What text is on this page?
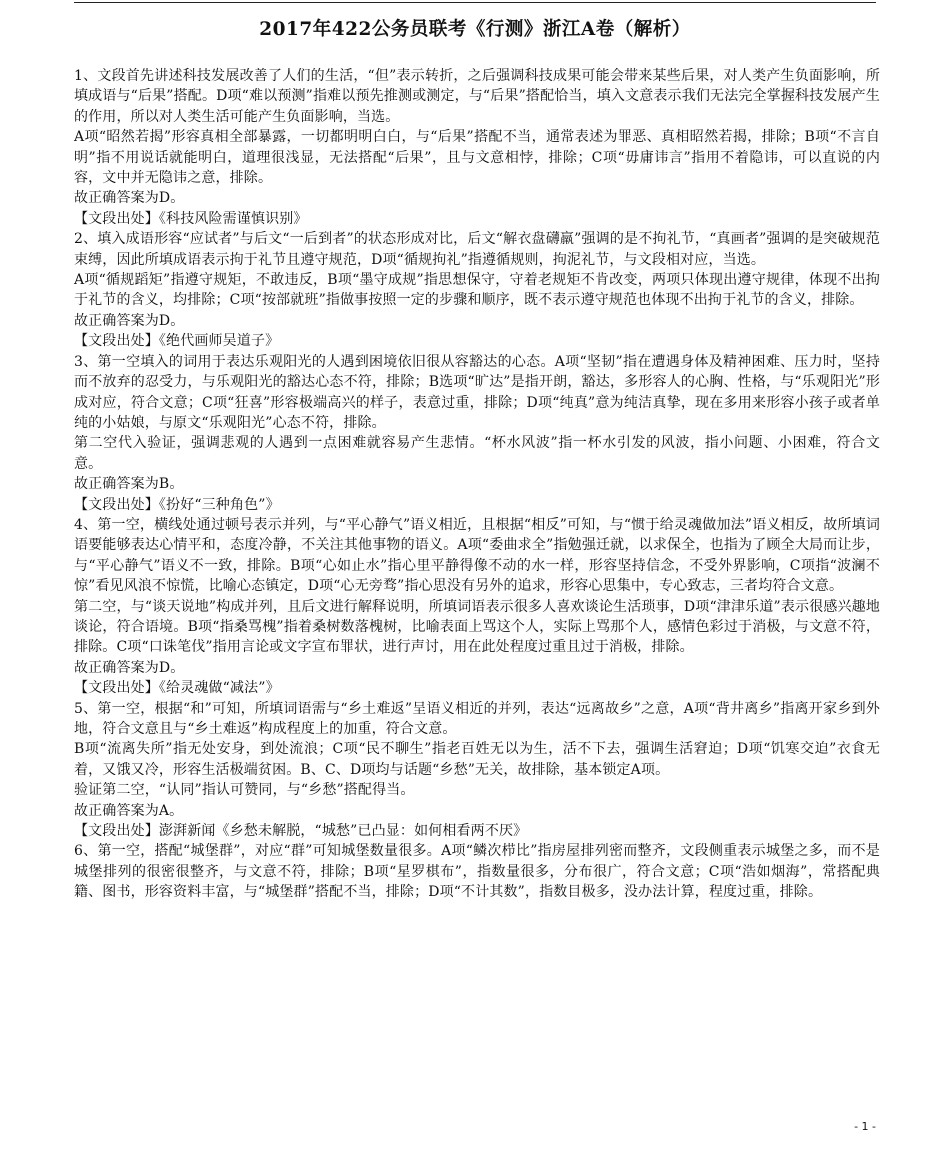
2017年422公务员联考《行测》浙江A卷（解析）

1、文段首先讲述科技发展改善了人们的生活，“但”表示转折，之后强调科技成果可能会带来某些后果，对人类产生负面影响，所填成语与“后果”搭配。D项“难以预测”指难以预先推测或测定，与“后果”搭配恰当，填入文意表示我们无法完全掌握科技发展产生的作用，所以对人类生活可能产生负面影响，当选。

A项“昭然若揭”形容真相全部暴露，一切都明明白白，与“后果”搭配不当，通常表述为罪恶、真相昭然若揭，排除；B项“不言自明”指不用说话就能明白，道理很浅显，无法搭配“后果”，且与文意相悖，排除；C项“毋庸讳言”指用不着隐讳，可以直说的内容，文中并无隐讳之意，排除。

故正确答案为D。

【文段出处】《科技风险需谨慎识别》

2、填入成语形容“应试者”与后文“一后到者”的状态形成对比，后文“解衣盘礴羸”强调的是不拘礼节，“真画者”强调的是突破规范束缚，因此所填成语表示拘于礼节且遵守规范，D项“循规拘礼”指遵循规则，拘泥礼节，与文段相对应，当选。

A项“循规蹈矩”指遵守规矩，不敢违反，B项“墨守成规”指思想保守，守着老规矩不肯改变，两项只体现出遵守规律，体现不出拘于礼节的含义，均排除；C项“按部就班”指做事按照一定的步骤和顺序，既不表示遵守规范也体现不出拘于礼节的含义，排除。

故正确答案为D。

【文段出处】《绝代画师吴道子》

3、第一空填入的词用于表达乐观阳光的人遇到困境依旧很从容豁达的心态。A项“坚韧”指在遭遇身体及精神困难、压力时，坚持而不放弃的忍受力，与乐观阳光的豁达心态不符，排除；B选项“旷达”是指开朗，豁达，多形容人的心胸、性格，与“乐观阳光”形成对应，符合文意；C项“狂喜”形容极端高兴的样子，表意过重，排除；D项“纯真”意为纯洁真挚，现在多用来形容小孩子或者单纯的小姑娘，与原文“乐观阳光”心态不符，排除。

第二空代入验证，强调悲观的人遇到一点困难就容易产生悲情。“杯水风波”指一杯水引发的风波，指小问题、小困难，符合文意。

故正确答案为B。

【文段出处】《扮好“三种角色”》

4、第一空，横线处通过顿号表示并列，与“平心静气”语义相近，且根据“相反”可知，与“惯于给灵魂做加法”语义相反，故所填词语要能够表达心情平和，态度冷静，不关注其他事物的语义。A项“委曲求全”指勉强迁就，以求保全，也指为了顾全大局而让步，与“平心静气”语义不一致，排除。B项“心如止水”指心里平静得像不动的水一样，形容坚持信念，不受外界影响，C项指“波澜不惊”看见风浪不惊慌，比喻心态镇定，D项“心无旁骛”指心思没有另外的追求，形容心思集中，专心致志，三者均符合文意。

第二空，与“谈天说地”构成并列，且后文进行解释说明，所填词语表示很多人喜欢谈论生活琐事，D项“津津乐道”表示很感兴趣地谈论，符合语境。B项“指桑骂槐”指着桑树数落槐树，比喻表面上骂这个人，实际上骂那个人，感情色彩过于消极，与文意不符，排除。C项“口诛笔伐”指用言论或文字宣布罪状，进行声讨，用在此处程度过重且过于消极，排除。

故正确答案为D。

【文段出处】《给灵魂做“减法”》

5、第一空，根据“和”可知，所填词语需与“乡土难返”呈语义相近的并列，表达“远离故乡”之意，A项“背井离乡”指离开家乡到外地，符合文意且与“乡土难返”构成程度上的加重，符合文意。

B项“流离失所”指无处安身，到处流浪；C项“民不聊生”指老百姓无以为生，活不下去，强调生活窘迫；D项“饥寒交迫”衣食无着，又饿又冷，形容生活极端贫困。B、C、D项均与话题“乡愁”无关，故排除，基本锁定A项。

验证第二空，“认同”指认可赞同，与“乡愁”搭配得当。

故正确答案为A。

【文段出处】澎湃新闻《乡愁未解脱，“城愁”已凸显：如何相看两不厌》

6、第一空，搭配“城堡群”，对应“群”可知城堡数量很多。A项“鳞次栉比”指房屋排列密而整齐，文段侧重表示城堡之多，而不是城堡排列的很密很整齐，与文意不符，排除；B项“星罗棋布”，指数量很多，分布很广，符合文意；C项“浩如烟海”，常搭配典籍、图书，形容资料丰富，与“城堡群”搭配不当，排除；D项“不计其数”，指数目极多，没办法计算，程度过重，排除。

- 1 -
